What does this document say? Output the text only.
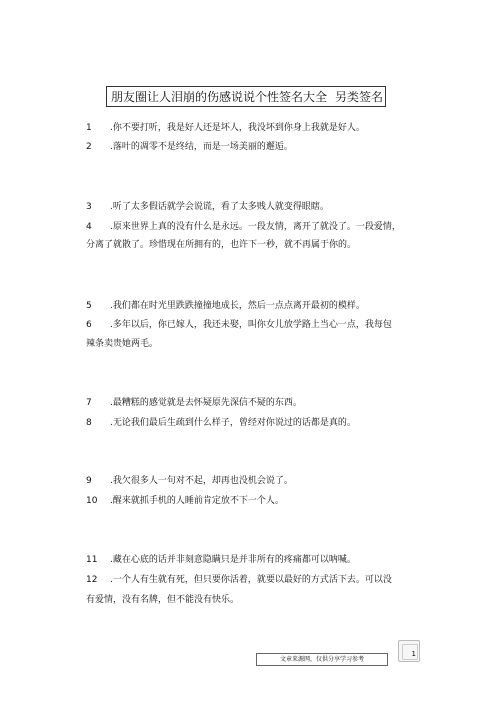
朋友圈让人泪崩的伤感说说个性签名大全 另类签名
1 .你不要打听，我是好人还是坏人，我没坏到你身上我就是好人。
2 .落叶的凋零不是终结，而是一场美丽的邂逅。
3 .听了太多假话就学会说谎，看了太多贱人就变得眼瞎。
4 .原来世界上真的没有什么是永远。一段友情，离开了就没了。一段爱情，
分离了就散了。珍惜现在所拥有的，也许下一秒，就不再属于你的。
5 .我们都在时光里跌跌撞撞地成长，然后一点点离开最初的模样。
6 .多年以后，你已嫁人，我还未娶，叫你女儿放学路上当心一点，我每包
辣条卖贵她两毛。
7 .最糟糕的感觉就是去怀疑原先深信不疑的东西。
8 .无论我们最后生疏到什么样子，曾经对你说过的话都是真的。
9 .我欠很多人一句对不起，却再也没机会说了。
10 .醒来就抓手机的人睡前肯定放不下一个人。
11 .藏在心底的话并非刻意隐瞒只是并非所有的疼痛都可以呐喊。
12 .一个人有生就有死，但只要你活着，就要以最好的方式活下去。可以没
有爱情，没有名牌，但不能没有快乐。
1
文章来源网，仅供分享学习参考
